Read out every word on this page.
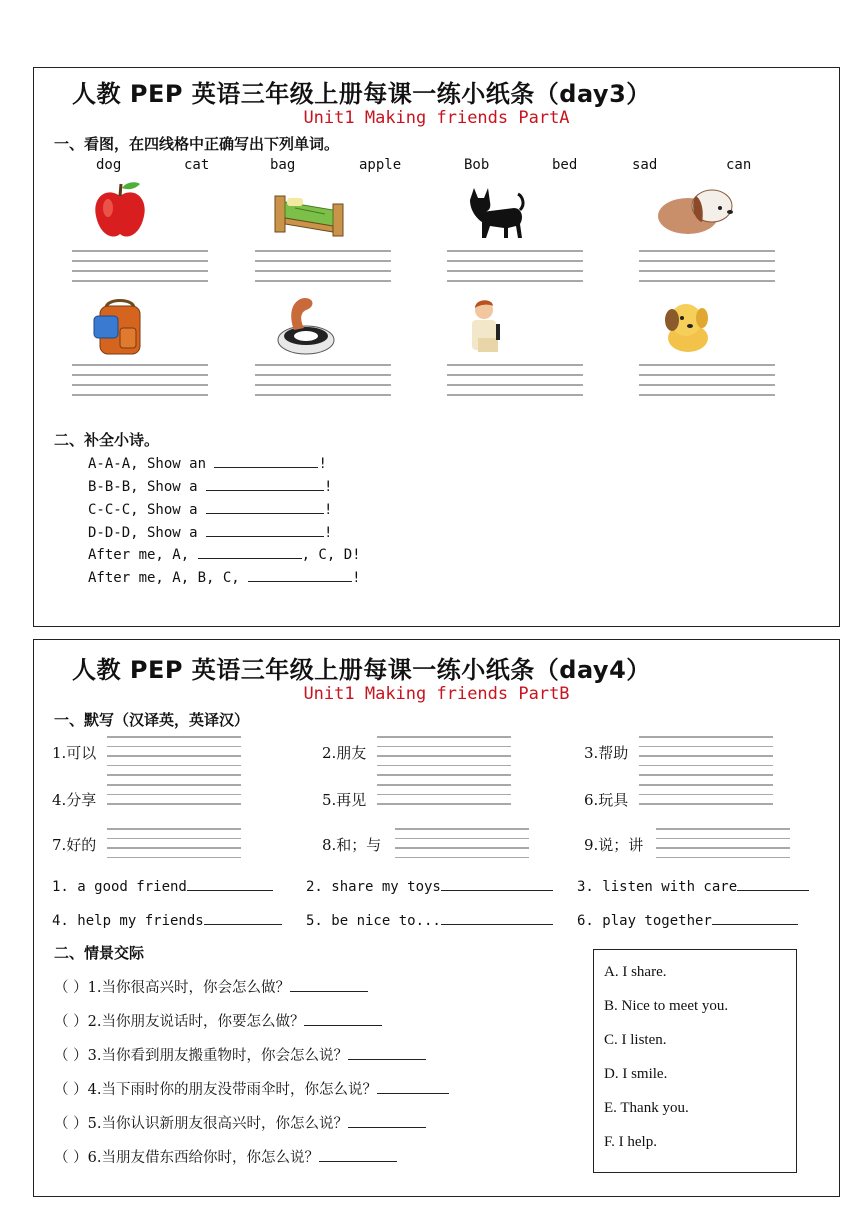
人教 PEP 英语三年级上册每课一练小纸条（day3）
Unit1 Making friends PartA
一、看图，在四线格中正确写出下列单词。
dog	cat	bag	apple	Bob	bed	sad	can
二、补全小诗。
A-A-A, Show an	!
B-B-B, Show a	!
C-C-C, Show a	!
D-D-D, Show a	!
After me, A,	, C, D!
After me, A, B, C,	!
人教 PEP 英语三年级上册每课一练小纸条（day4）
Unit1 Making friends PartB
一、默写（汉译英，英译汉）
1.可以	2.朋友	3.帮助
4.分享	5.再见	6.玩具
7.好的	8.和；与	9.说；讲
1. a good friend	2. share my toys	3. listen with care
4. help my friends	5. be nice to...	6. play together
二、情景交际
（ ）1.当你很高兴时，你会怎么做？
（ ）2.当你朋友说话时，你要怎么做？
（ ）3.当你看到朋友搬重物时，你会怎么说？
（ ）4.当下雨时你的朋友没带雨伞时，你怎么说？
（ ）5.当你认识新朋友很高兴时，你怎么说？
（ ）6.当朋友借东西给你时，你怎么说？
A. I share.
B. Nice to meet you.
C. I listen.
D. I smile.
E. Thank you.
F. I help.
